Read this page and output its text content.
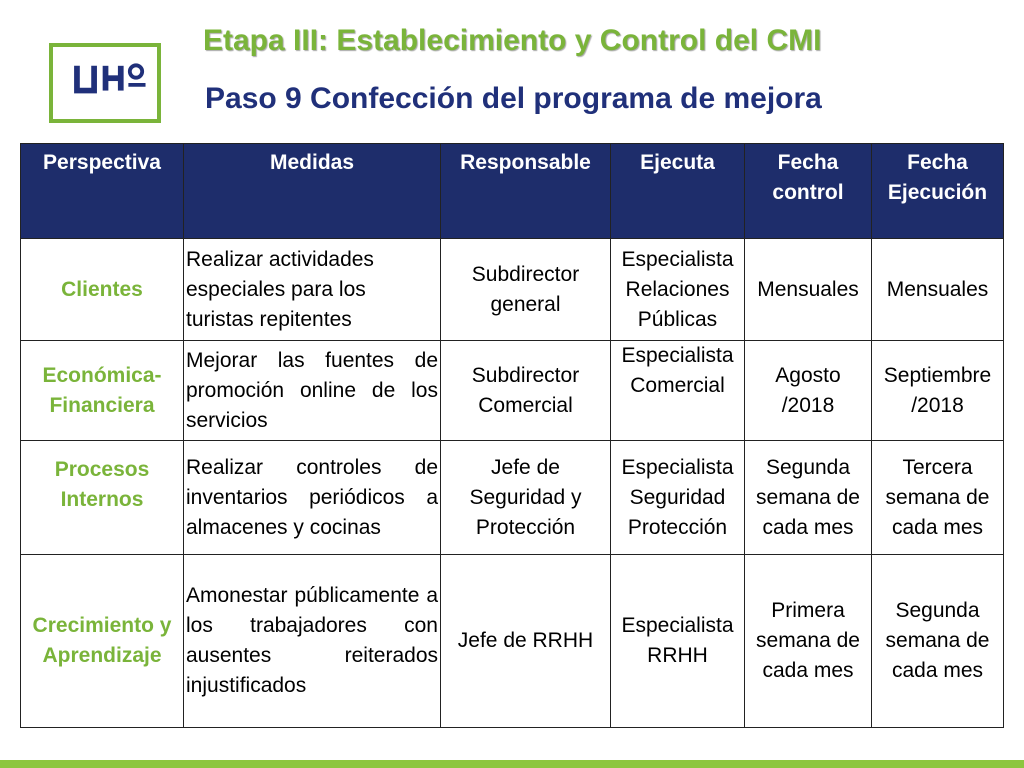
Etapa III: Establecimiento y Control del CMI
Paso 9 Confección del programa de mejora
Perspectiva	Medidas	Responsable	Ejecuta	Fecha control	Fecha Ejecución
Clientes	Realizar actividades especiales para los turistas repitentes	Subdirector general	Especialista Relaciones Públicas	Mensuales	Mensuales
Económica-Financiera	Mejorar las fuentes de promoción online de los servicios	Subdirector Comercial	Especialista Comercial	Agosto /2018	Septiembre /2018
Procesos Internos	Realizar controles de inventarios periódicos a almacenes y cocinas	Jefe de Seguridad y Protección	Especialista Seguridad Protección	Segunda semana de cada mes	Tercera semana de cada mes
Crecimiento y Aprendizaje	Amonestar públicamente a los trabajadores con ausentes reiterados injustificados	Jefe de RRHH	Especialista RRHH	Primera semana de cada mes	Segunda semana de cada mes
